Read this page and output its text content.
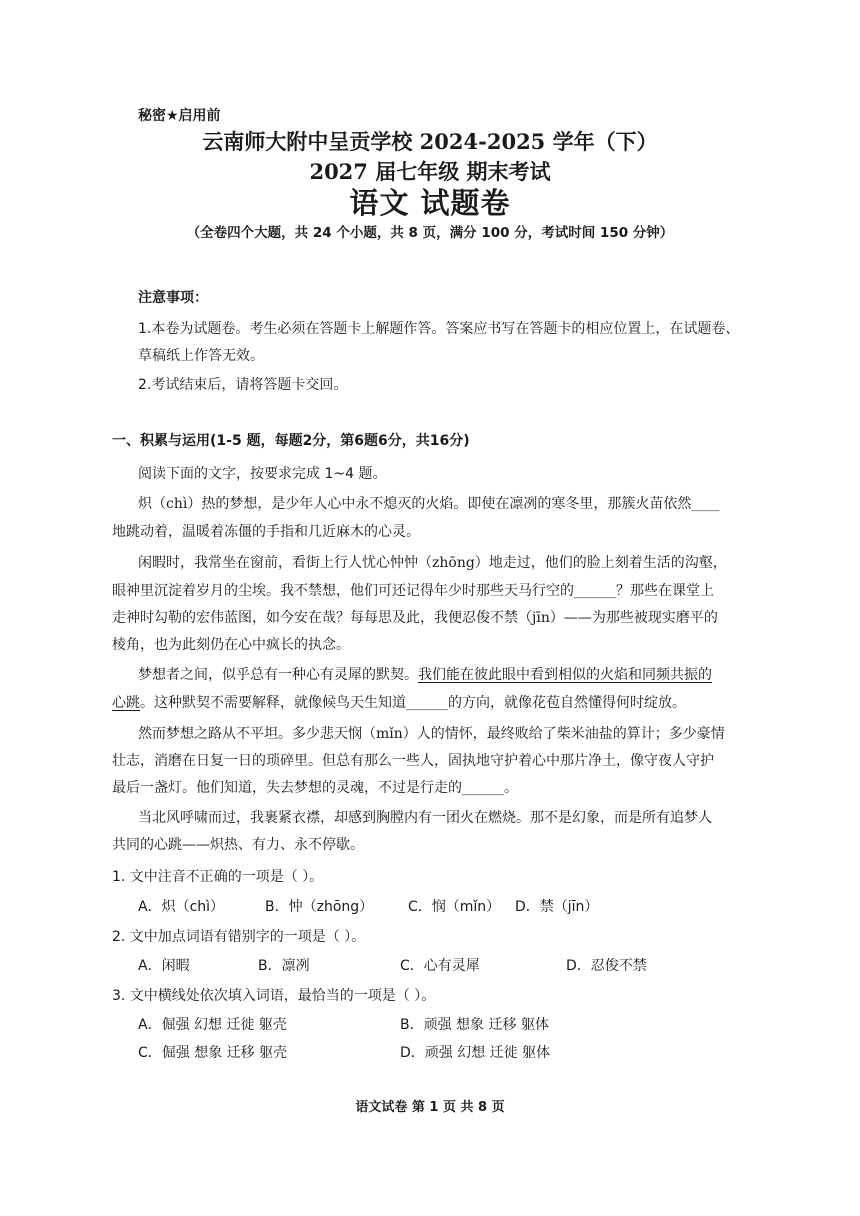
秘密★启用前
云南师大附中呈贡学校 2024-2025 学年（下）
2027 届七年级 期末考试
语文 试题卷
（全卷四个大题，共 24 个小题，共 8 页，满分 100 分，考试时间 150 分钟）
注意事项：
1.本卷为试题卷。考生必须在答题卡上解题作答。答案应书写在答题卡的相应位置上，在试题卷、
草稿纸上作答无效。
2.考试结束后，请将答题卡交回。
一、积累与运用(1-5 题，每题2分，第6题6分，共16分)
阅读下面的文字，按要求完成 1~4 题。
炽（chì）热的梦想，是少年人心中永不熄灭的火焰。即使在凛冽的寒冬里，那簇火苗依然____
地跳动着，温暖着冻僵的手指和几近麻木的心灵。
闲暇时，我常坐在窗前，看街上行人忧心忡忡（zhōng）地走过，他们的脸上刻着生活的沟壑，
眼神里沉淀着岁月的尘埃。我不禁想，他们可还记得年少时那些天马行空的______？那些在课堂上
走神时勾勒的宏伟蓝图，如今安在哉？每每思及此，我便忍俊不禁（jīn）——为那些被现实磨平的
棱角，也为此刻仍在心中疯长的执念。
梦想者之间，似乎总有一种心有灵犀的默契。我们能在彼此眼中看到相似的火焰和同频共振的
心跳。这种默契不需要解释，就像候鸟天生知道______的方向，就像花苞自然懂得何时绽放。
然而梦想之路从不平坦。多少悲天悯（mǐn）人的情怀，最终败给了柴米油盐的算计；多少豪情
壮志，消磨在日复一日的琐碎里。但总有那么一些人，固执地守护着心中那片净土，像守夜人守护
最后一盏灯。他们知道，失去梦想的灵魂，不过是行走的______。
当北风呼啸而过，我裹紧衣襟，却感到胸膛内有一团火在燃烧。那不是幻象，而是所有追梦人
共同的心跳——炽热、有力、永不停歇。
1. 文中注音不正确的一项是（ ）。
A．炽（chì）	B．忡（zhōng） C．悯（mǐn） D．禁（jīn）
2. 文中加点词语有错别字的一项是（ ）。
A．闲暇	B．凛冽	C．心有灵犀	D．忍俊不禁
3. 文中横线处依次填入词语，最恰当的一项是（ ）。
A．倔强 幻想 迁徙 躯壳	B．顽强 想象 迁移 躯体
C．倔强 想象 迁移 躯壳	D．顽强 幻想 迁徙 躯体
语文试卷 第 1 页 共 8 页
